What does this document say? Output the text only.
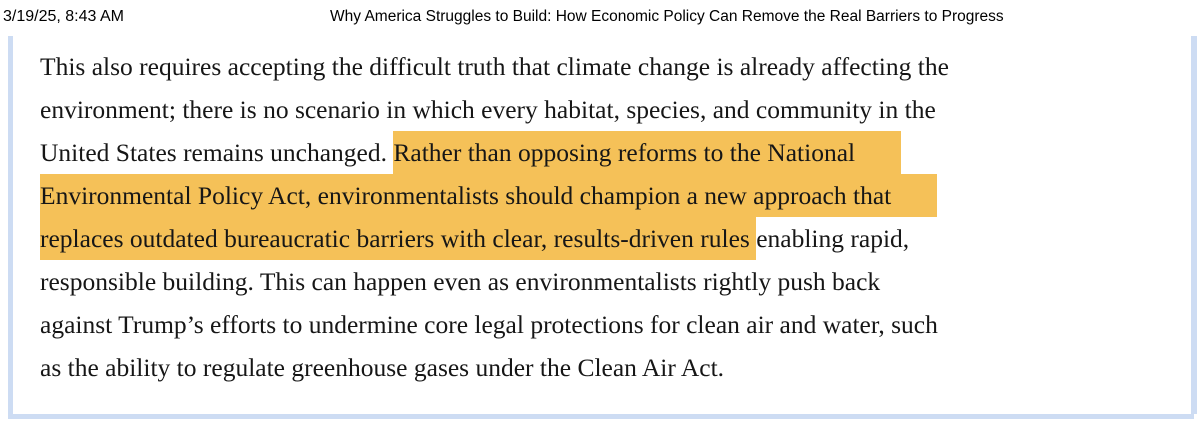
3/19/25, 8:43 AM	Why America Struggles to Build: How Economic Policy Can Remove the Real Barriers to Progress
This also requires accepting the difficult truth that climate change is already affecting the
environment; there is no scenario in which every habitat, species, and community in the
United States remains unchanged. Rather than opposing reforms to the National
Environmental Policy Act, environmentalists should champion a new approach that
replaces outdated bureaucratic barriers with clear, results-driven rules enabling rapid,
responsible building. This can happen even as environmentalists rightly push back
against Trump’s efforts to undermine core legal protections for clean air and water, such
as the ability to regulate greenhouse gases under the Clean Air Act.
